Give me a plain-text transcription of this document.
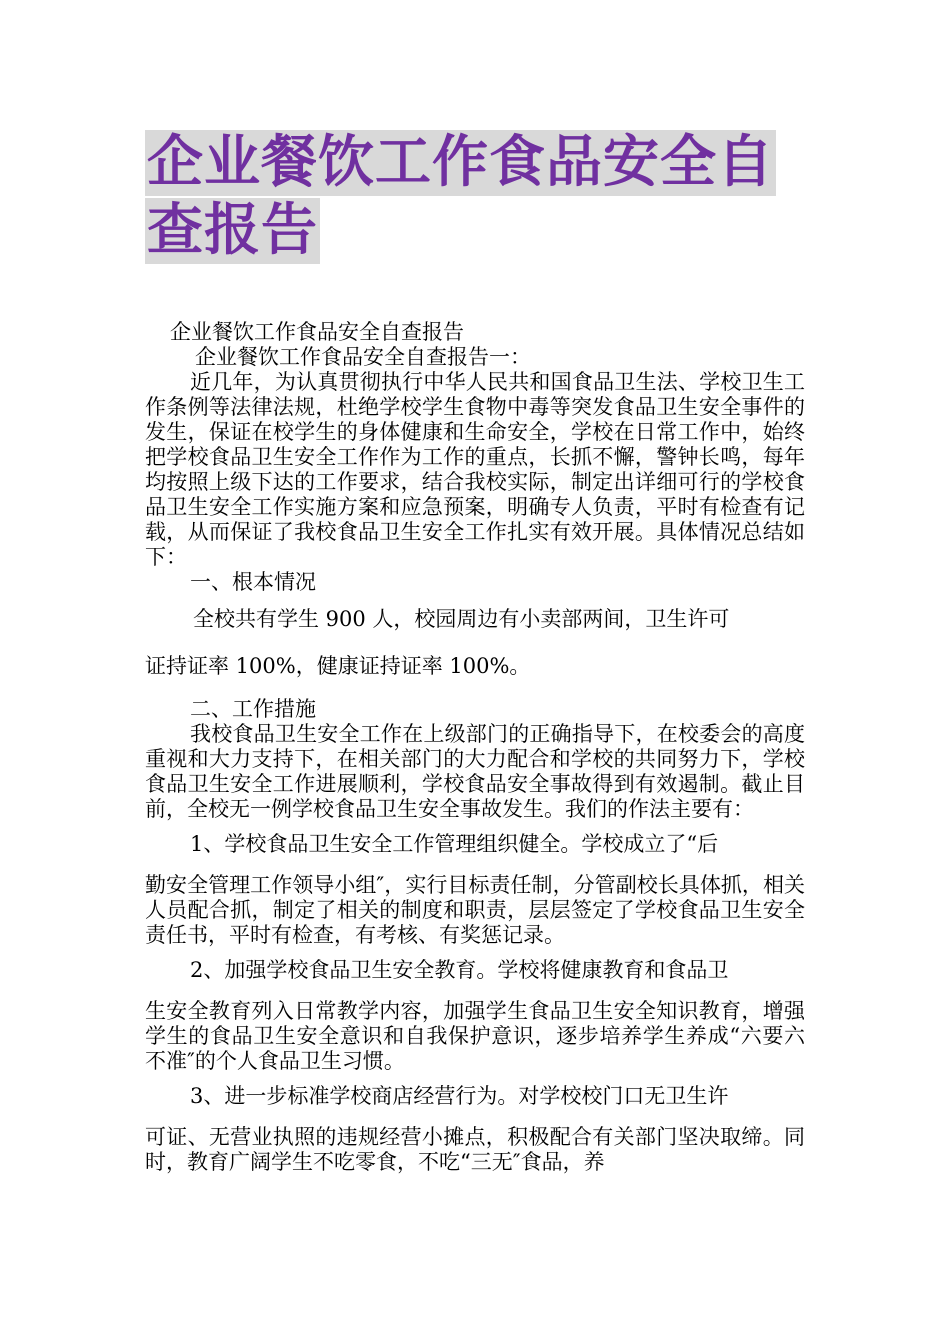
企业餐饮工作食品安全自
查报告

企业餐饮工作食品安全自查报告

企业餐饮工作食品安全自查报告一：

近几年，为认真贯彻执行中华人民共和国食品卫生法、学校卫生工作条例等法律法规，杜绝学校学生食物中毒等突发食品卫生安全事件的发生，保证在校学生的身体健康和生命安全，学校在日常工作中，始终把学校食品卫生安全工作作为工作的重点，长抓不懈，警钟长鸣，每年均按照上级下达的工作要求，结合我校实际，制定出详细可行的学校食品卫生安全工作实施方案和应急预案，明确专人负责，平时有检查有记载，从而保证了我校食品卫生安全工作扎实有效开展。具体情况总结如下：

一、根本情况

全校共有学生 900 人，校园周边有小卖部两间，卫生许可

证持证率 100%，健康证持证率 100%。

二、工作措施

我校食品卫生安全工作在上级部门的正确指导下，在校委会的高度重视和大力支持下，在相关部门的大力配合和学校的共同努力下，学校食品卫生安全工作进展顺利，学校食品安全事故得到有效遏制。截止目前，全校无一例学校食品卫生安全事故发生。我们的作法主要有：

1、学校食品卫生安全工作管理组织健全。学校成立了“后

勤安全管理工作领导小组″，实行目标责任制，分管副校长具体抓，相关人员配合抓，制定了相关的制度和职责，层层签定了学校食品卫生安全责任书，平时有检查，有考核、有奖惩记录。

2、加强学校食品卫生安全教育。学校将健康教育和食品卫

生安全教育列入日常教学内容，加强学生食品卫生安全知识教育，增强学生的食品卫生安全意识和自我保护意识，逐步培养学生养成“六要六不准″的个人食品卫生习惯。

3、进一步标准学校商店经营行为。对学校校门口无卫生许

可证、无营业执照的违规经营小摊点，积极配合有关部门坚决取缔。同时，教育广阔学生不吃零食，不吃“三无″食品，养
